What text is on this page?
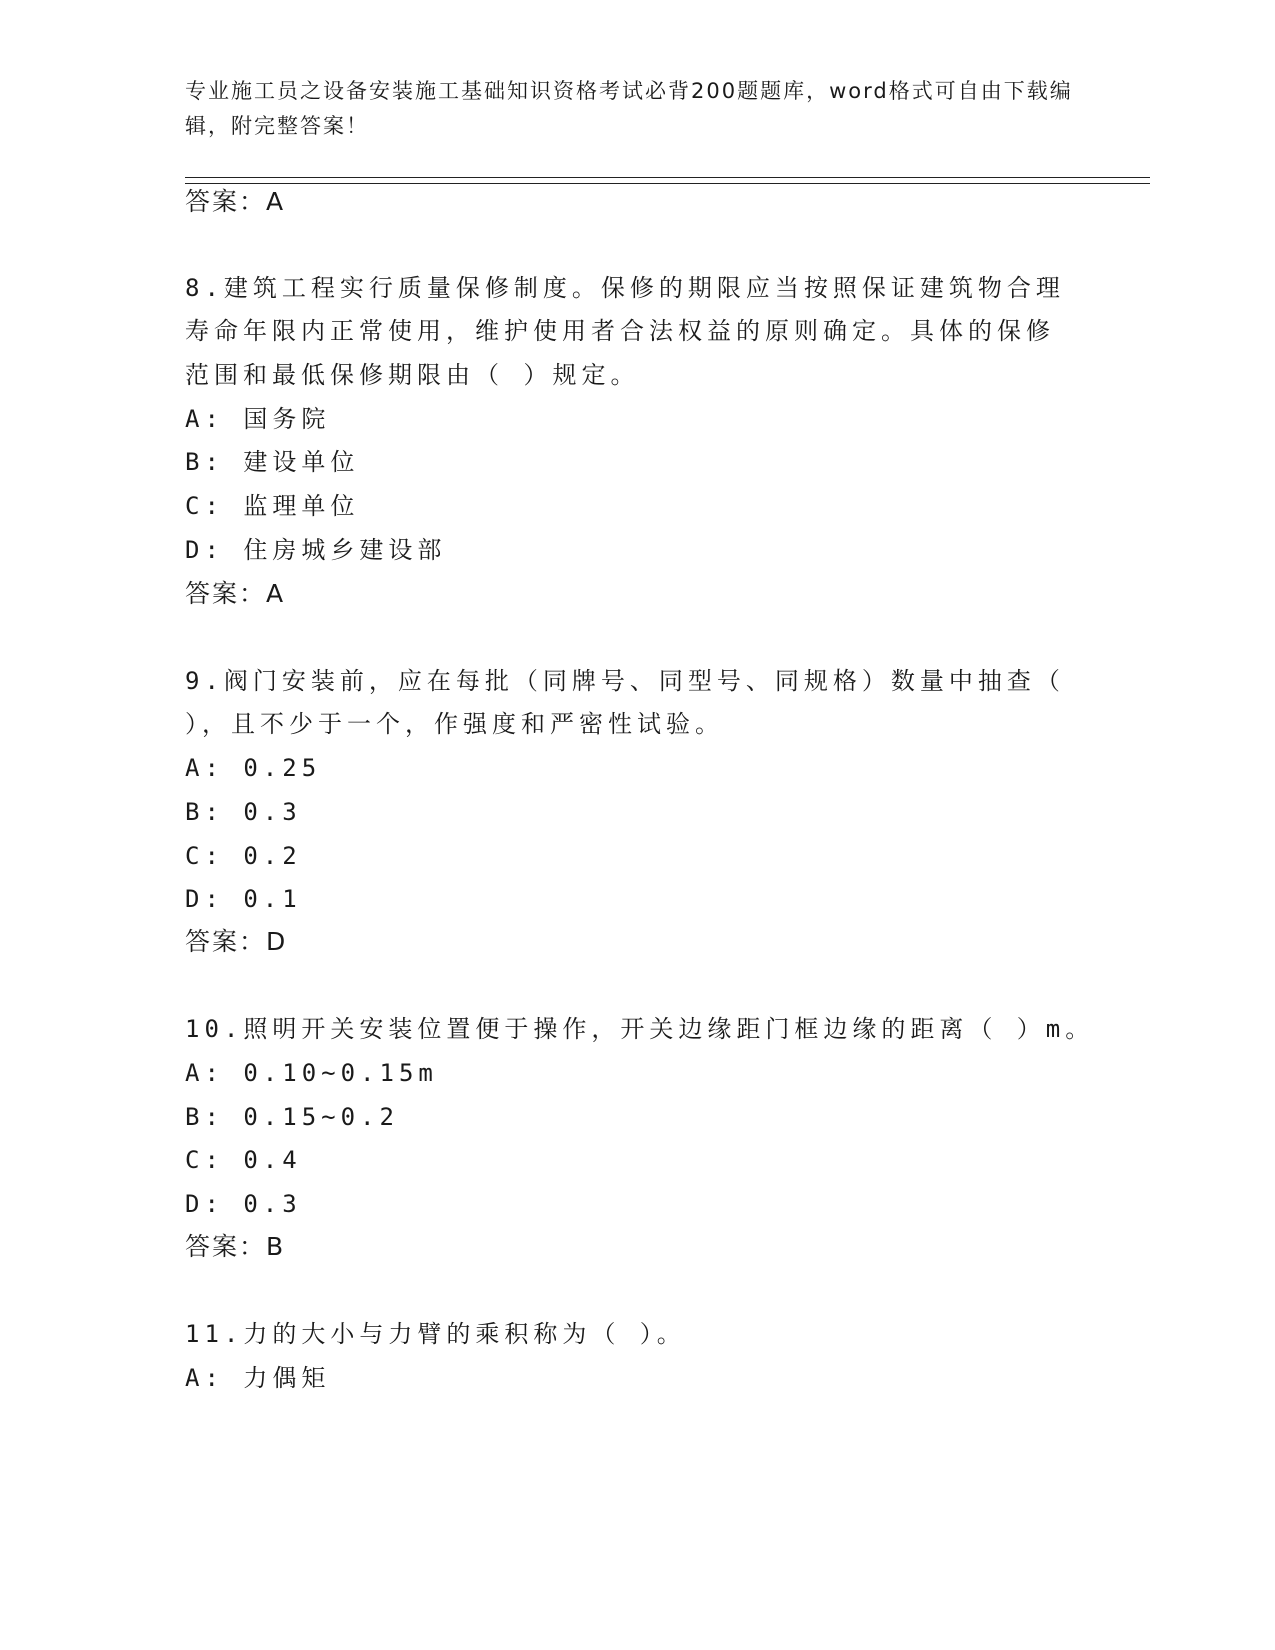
专业施工员之设备安装施工基础知识资格考试必背200题题库，word格式可自由下载编辑，附完整答案！
答案：A
8.建筑工程实行质量保修制度。保修的期限应当按照保证建筑物合理
寿命年限内正常使用，维护使用者合法权益的原则确定。具体的保修
范围和最低保修期限由（ ）规定。
A: 国务院
B: 建设单位
C: 监理单位
D: 住房城乡建设部
答案：A
9.阀门安装前，应在每批（同牌号、同型号、同规格）数量中抽查（
），且不少于一个，作强度和严密性试验。
A: 0.25
B: 0.3
C: 0.2
D: 0.1
答案：D
10.照明开关安装位置便于操作，开关边缘距门框边缘的距离（ ）m。
A: 0.10~0.15m
B: 0.15~0.2
C: 0.4
D: 0.3
答案：B
11.力的大小与力臂的乘积称为（ ）。
A: 力偶矩
